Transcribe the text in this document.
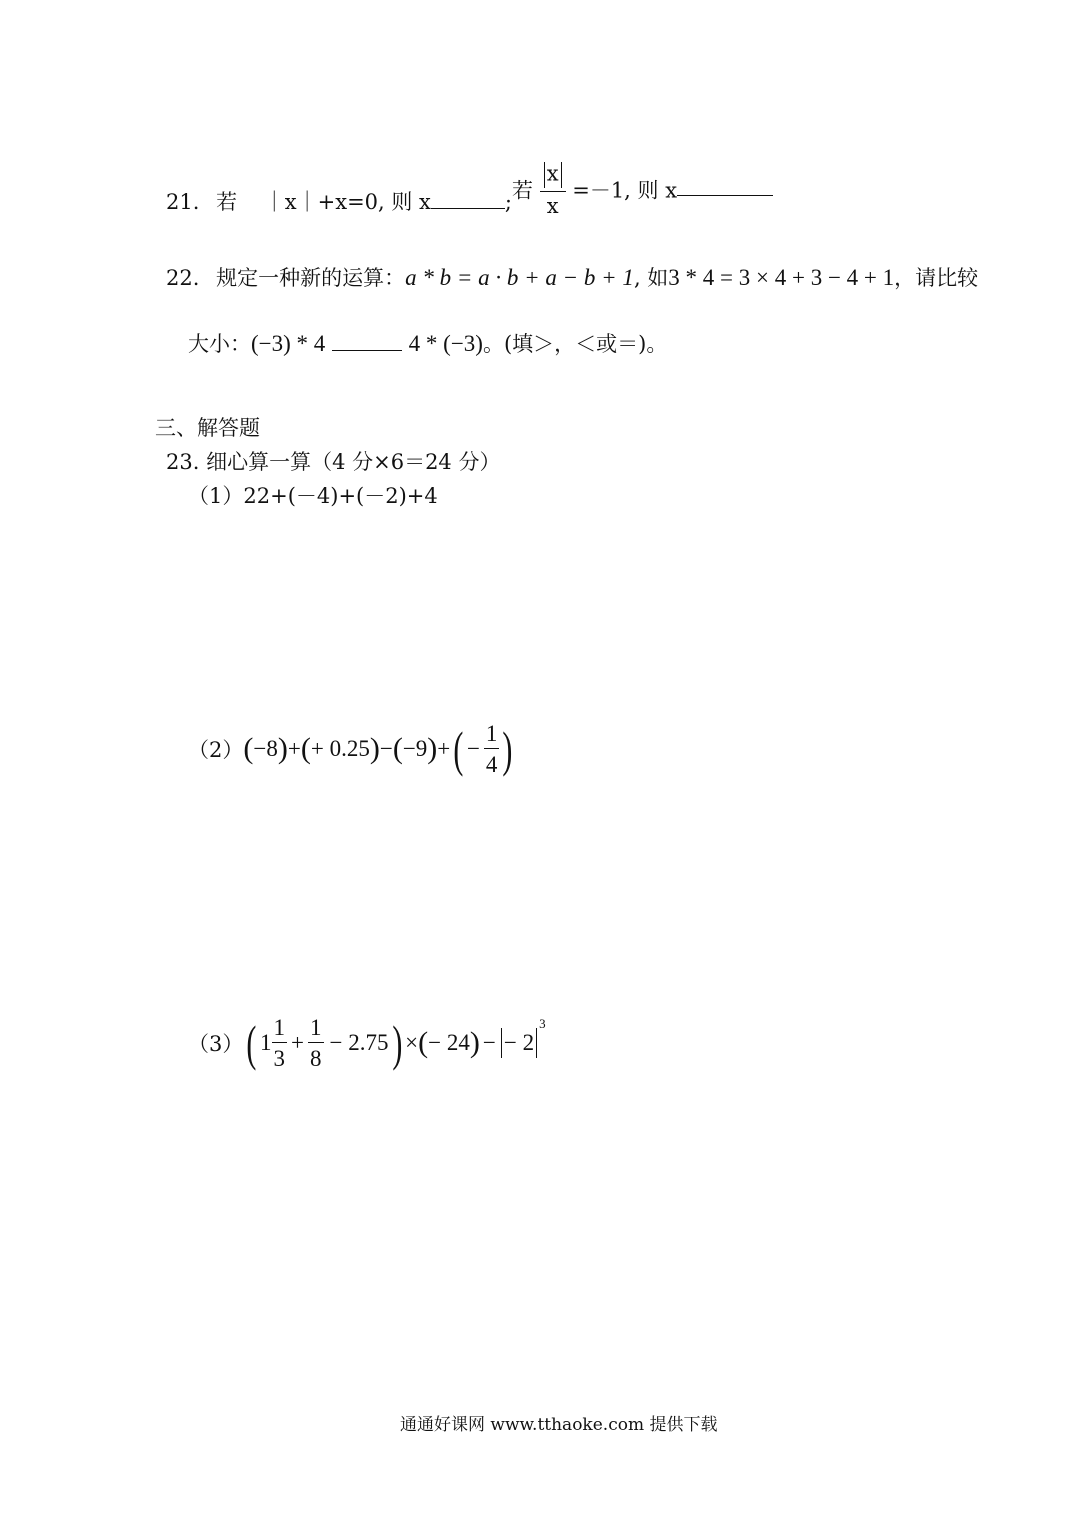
21. 若 ｜x｜+x=0, 则 x	; 若 $\frac{x}{x} =-1$, 则 x
22. 规定一种新的运算：a * b = a · b + a − b + 1, 如3 * 4 = 3 × 4 + 3 − 4 + 1，请比较
大小：(−3) * 4	4 * (−3)。(填＞，＜或＝)。
三、解答题
23. 细心算一算（4 分×6＝24 分）
（1）22+(－4)+(－2)+4
（2） ( −8 ) + ( + 0.25 ) − ( −9 ) + ( − $\frac{1}{4}$ )
（3） ( $1 \frac{1}{3} + \frac{1}{8} - 2.75$ ) × ( − 24 ) − − 2
$^3$
通通好课网 www.tthaoke.com 提供下载
